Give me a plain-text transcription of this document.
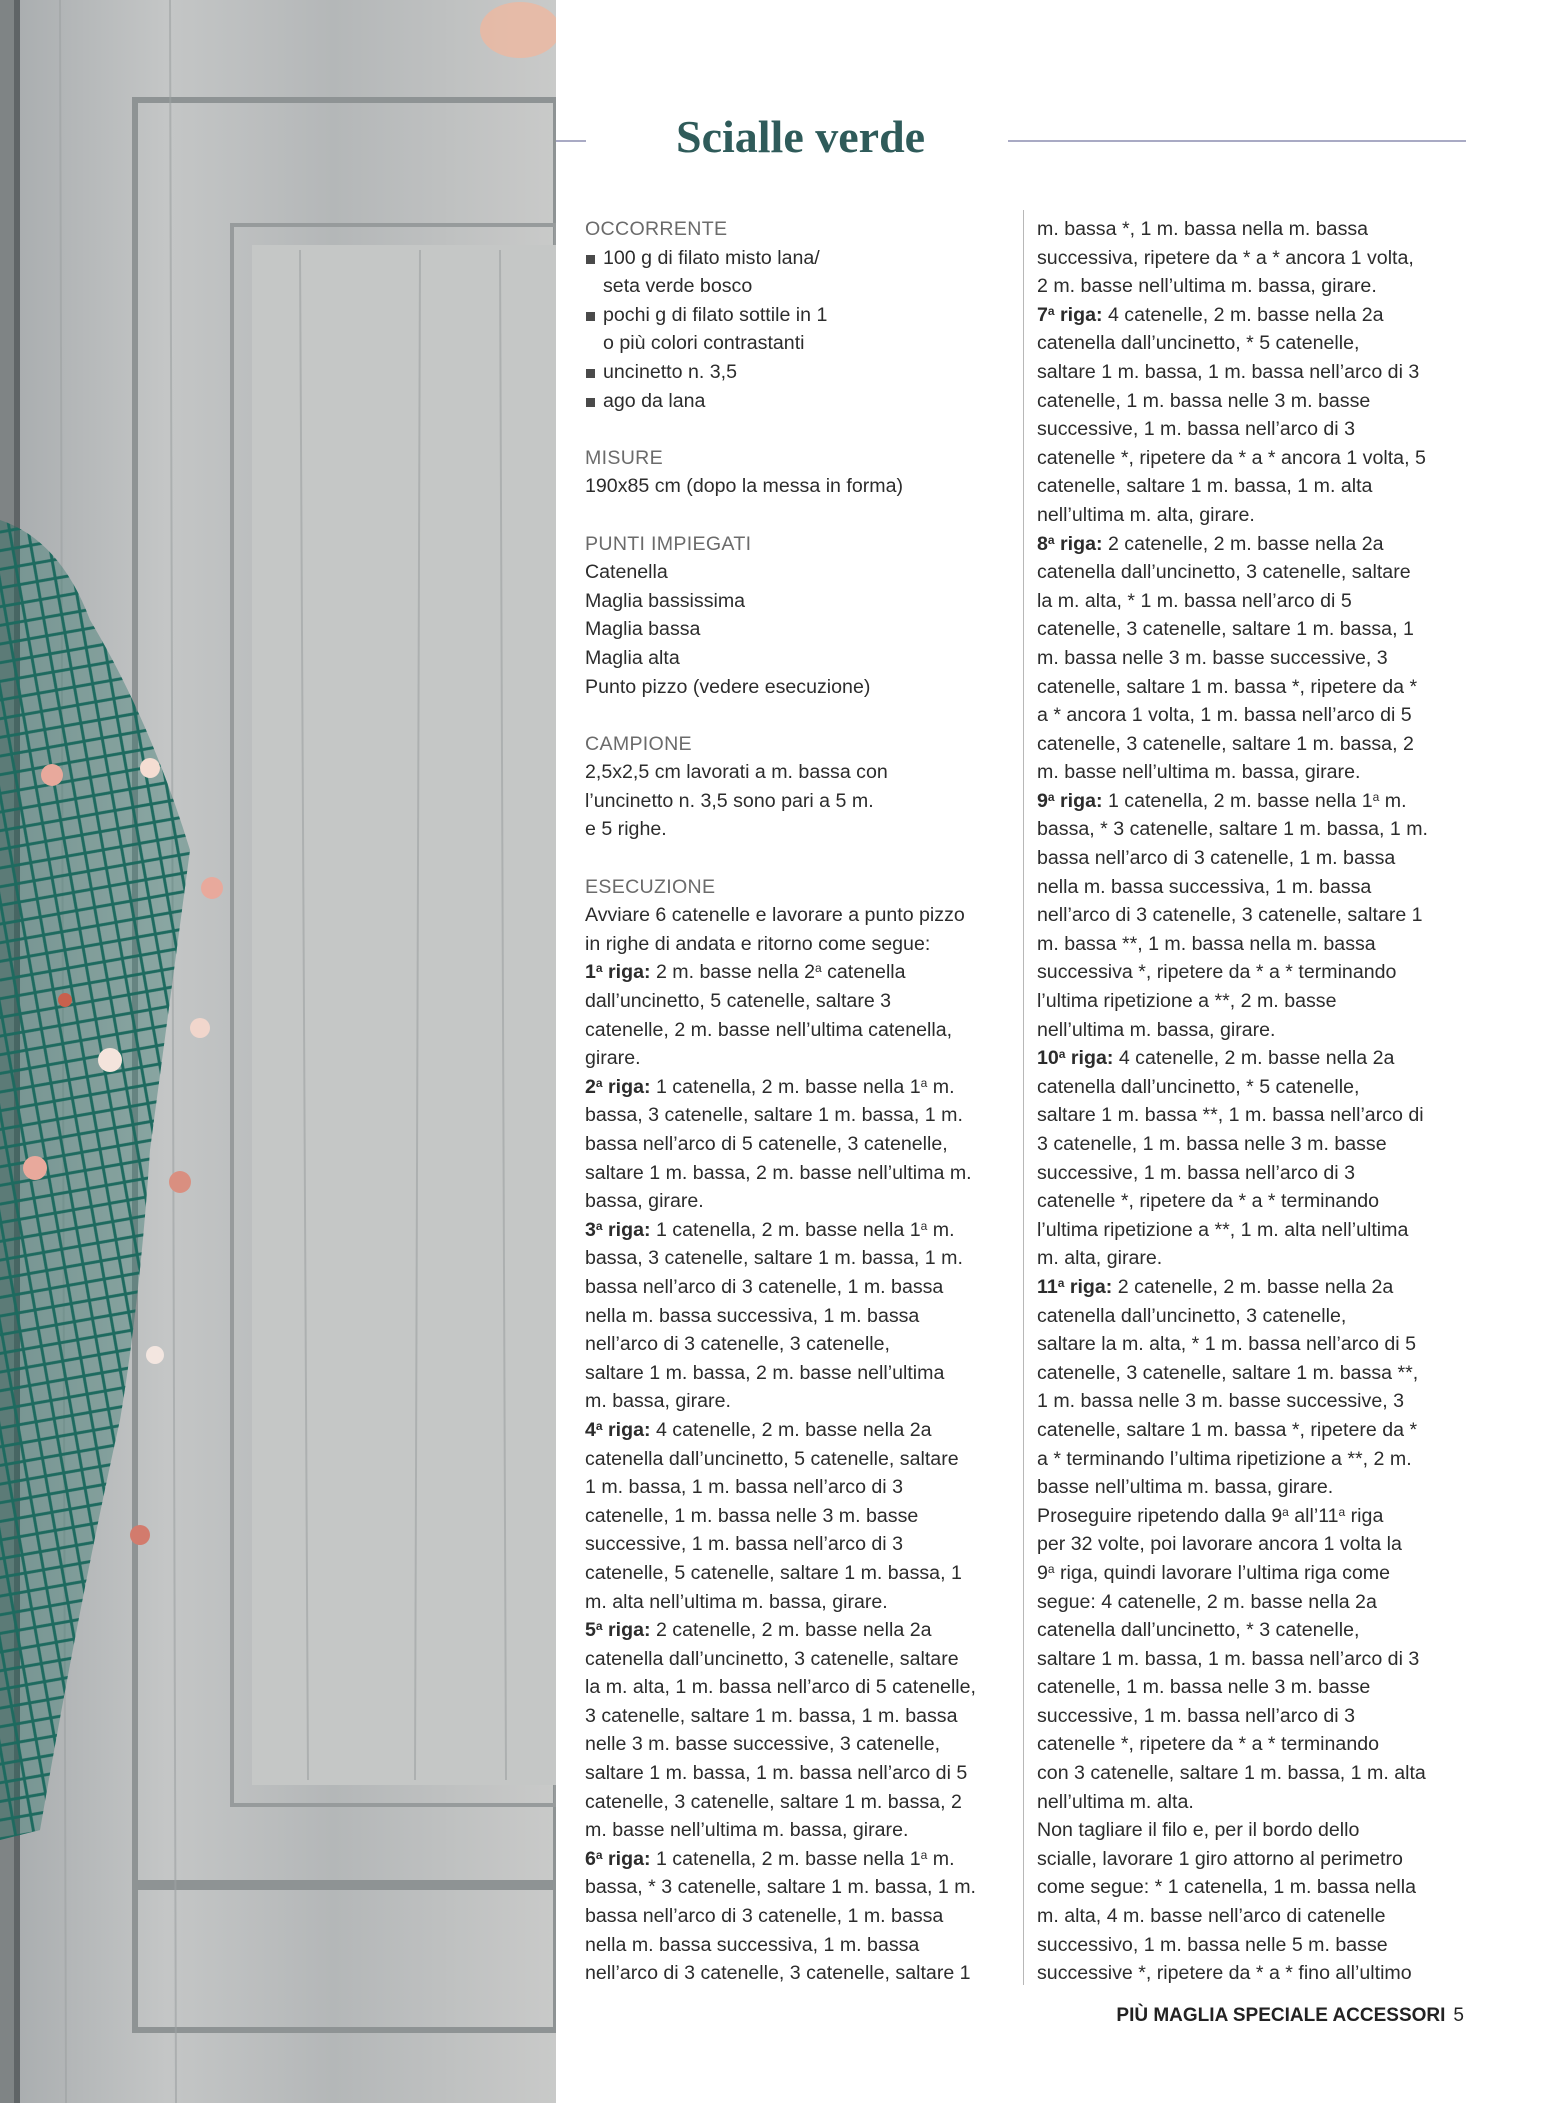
Scialle verde
OCCORRENTE
100 g di filato misto lana/
seta verde bosco
pochi g di filato sottile in 1
o più colori contrastanti
uncinetto n. 3,5
ago da lana
MISURE
190x85 cm (dopo la messa in forma)
PUNTI IMPIEGATI
Catenella
Maglia bassissima
Maglia bassa
Maglia alta
Punto pizzo (vedere esecuzione)
CAMPIONE
2,5x2,5 cm lavorati a m. bassa con
l’uncinetto n. 3,5 sono pari a 5 m.
e 5 righe.
ESECUZIONE
Avviare 6 catenelle e lavorare a punto pizzo
in righe di andata e ritorno come segue:
1$^a$ riga: 2 m. basse nella 2$^a$ catenella
dall’uncinetto, 5 catenelle, saltare 3
catenelle, 2 m. basse nell’ultima catenella,
girare.
2$^a$ riga: 1 catenella, 2 m. basse nella 1$^a$ m.
bassa, 3 catenelle, saltare 1 m. bassa, 1 m.
bassa nell’arco di 5 catenelle, 3 catenelle,
saltare 1 m. bassa, 2 m. basse nell’ultima m.
bassa, girare.
3$^a$ riga: 1 catenella, 2 m. basse nella 1$^a$ m.
bassa, 3 catenelle, saltare 1 m. bassa, 1 m.
bassa nell’arco di 3 catenelle, 1 m. bassa
nella m. bassa successiva, 1 m. bassa
nell’arco di 3 catenelle, 3 catenelle,
saltare 1 m. bassa, 2 m. basse nell’ultima
m. bassa, girare.
4$^a$ riga: 4 catenelle, 2 m. basse nella 2a
catenella dall’uncinetto, 5 catenelle, saltare
1 m. bassa, 1 m. bassa nell’arco di 3
catenelle, 1 m. bassa nelle 3 m. basse
successive, 1 m. bassa nell’arco di 3
catenelle, 5 catenelle, saltare 1 m. bassa, 1
m. alta nell’ultima m. bassa, girare.
5$^a$ riga: 2 catenelle, 2 m. basse nella 2a
catenella dall’uncinetto, 3 catenelle, saltare
la m. alta, 1 m. bassa nell’arco di 5 catenelle,
3 catenelle, saltare 1 m. bassa, 1 m. bassa
nelle 3 m. basse successive, 3 catenelle,
saltare 1 m. bassa, 1 m. bassa nell’arco di 5
catenelle, 3 catenelle, saltare 1 m. bassa, 2
m. basse nell’ultima m. bassa, girare.
6$^a$ riga: 1 catenella, 2 m. basse nella 1$^a$ m.
bassa, * 3 catenelle, saltare 1 m. bassa, 1 m.
bassa nell’arco di 3 catenelle, 1 m. bassa
nella m. bassa successiva, 1 m. bassa
nell’arco di 3 catenelle, 3 catenelle, saltare 1
m. bassa *, 1 m. bassa nella m. bassa
successiva, ripetere da * a * ancora 1 volta,
2 m. basse nell’ultima m. bassa, girare.
7$^a$ riga: 4 catenelle, 2 m. basse nella 2a
catenella dall’uncinetto, * 5 catenelle,
saltare 1 m. bassa, 1 m. bassa nell’arco di 3
catenelle, 1 m. bassa nelle 3 m. basse
successive, 1 m. bassa nell’arco di 3
catenelle *, ripetere da * a * ancora 1 volta, 5
catenelle, saltare 1 m. bassa, 1 m. alta
nell’ultima m. alta, girare.
8$^a$ riga: 2 catenelle, 2 m. basse nella 2a
catenella dall’uncinetto, 3 catenelle, saltare
la m. alta, * 1 m. bassa nell’arco di 5
catenelle, 3 catenelle, saltare 1 m. bassa, 1
m. bassa nelle 3 m. basse successive, 3
catenelle, saltare 1 m. bassa *, ripetere da *
a * ancora 1 volta, 1 m. bassa nell’arco di 5
catenelle, 3 catenelle, saltare 1 m. bassa, 2
m. basse nell’ultima m. bassa, girare.
9$^a$ riga: 1 catenella, 2 m. basse nella 1$^a$ m.
bassa, * 3 catenelle, saltare 1 m. bassa, 1 m.
bassa nell’arco di 3 catenelle, 1 m. bassa
nella m. bassa successiva, 1 m. bassa
nell’arco di 3 catenelle, 3 catenelle, saltare 1
m. bassa **, 1 m. bassa nella m. bassa
successiva *, ripetere da * a * terminando
l’ultima ripetizione a **, 2 m. basse
nell’ultima m. bassa, girare.
10$^a$ riga: 4 catenelle, 2 m. basse nella 2a
catenella dall’uncinetto, * 5 catenelle,
saltare 1 m. bassa **, 1 m. bassa nell’arco di
3 catenelle, 1 m. bassa nelle 3 m. basse
successive, 1 m. bassa nell’arco di 3
catenelle *, ripetere da * a * terminando
l’ultima ripetizione a **, 1 m. alta nell’ultima
m. alta, girare.
11$^a$ riga: 2 catenelle, 2 m. basse nella 2a
catenella dall’uncinetto, 3 catenelle,
saltare la m. alta, * 1 m. bassa nell’arco di 5
catenelle, 3 catenelle, saltare 1 m. bassa **,
1 m. bassa nelle 3 m. basse successive, 3
catenelle, saltare 1 m. bassa *, ripetere da *
a * terminando l’ultima ripetizione a **, 2 m.
basse nell’ultima m. bassa, girare.
Proseguire ripetendo dalla 9$^a$ all’11$^a$ riga
per 32 volte, poi lavorare ancora 1 volta la
9$^a$ riga, quindi lavorare l’ultima riga come
segue: 4 catenelle, 2 m. basse nella 2a
catenella dall’uncinetto, * 3 catenelle,
saltare 1 m. bassa, 1 m. bassa nell’arco di 3
catenelle, 1 m. bassa nelle 3 m. basse
successive, 1 m. bassa nell’arco di 3
catenelle *, ripetere da * a * terminando
con 3 catenelle, saltare 1 m. bassa, 1 m. alta
nell’ultima m. alta.
Non tagliare il filo e, per il bordo dello
scialle, lavorare 1 giro attorno al perimetro
come segue: * 1 catenella, 1 m. bassa nella
m. alta, 4 m. basse nell’arco di catenelle
successivo, 1 m. bassa nelle 5 m. basse
successive *, ripetere da * a * fino all’ultimo
PIÙ MAGLIA SPECIALE ACCESSORI 5
